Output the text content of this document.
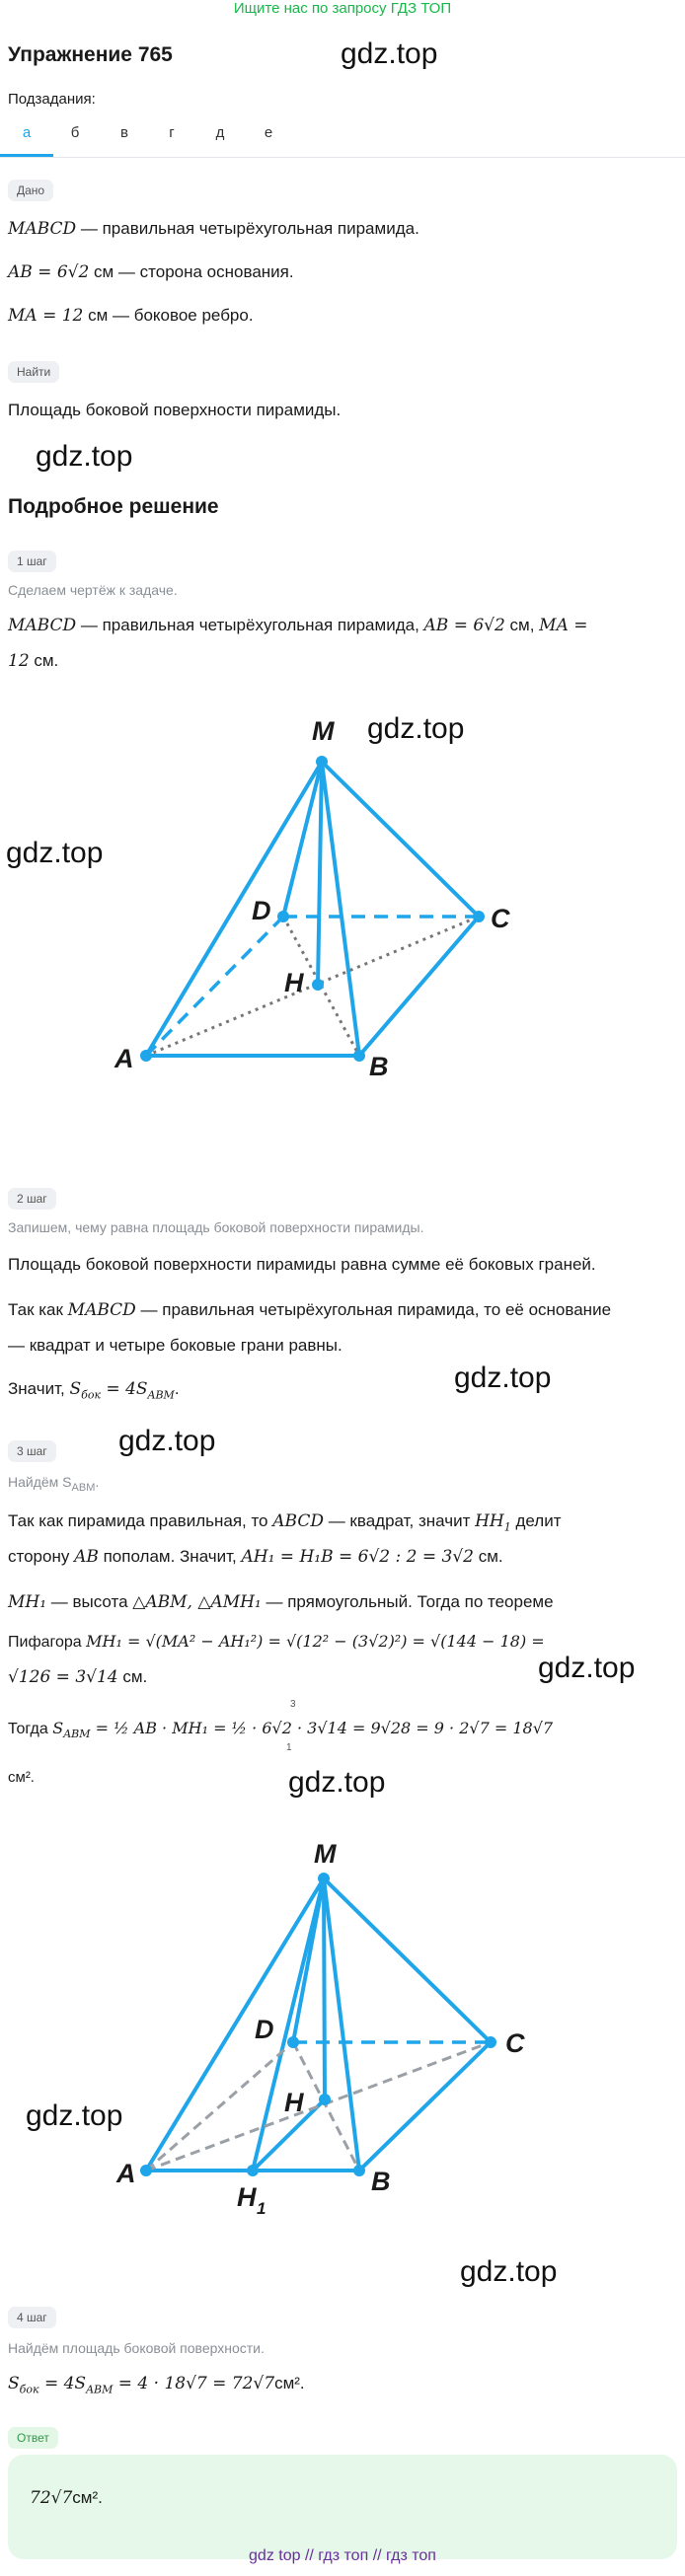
Ищите нас по запросу ГДЗ ТОП
Упражнение 765	gdz.top
Подзадания:
а	б	в	г	д	е
Дано
MABCD — правильная четырёхугольная пирамида.
AB = 6√2 см — сторона основания.
MA = 12 см — боковое ребро.
Найти
Площадь боковой поверхности пирамиды.
gdz.top
Подробное решение
1 шаг
Сделаем чертёж к задаче.
MABCD — правильная четырёхугольная пирамида, AB = 6√2 см, MA =
12 см.
gdz.top
gdz.top
M
D	C
H
A	B
2 шаг
Запишем, чему равна площадь боковой поверхности пирамиды.
Площадь боковой поверхности пирамиды равна сумме её боковых граней.
Так как MABCD — правильная четырёхугольная пирамида, то её основание
— квадрат и четыре боковые грани равны.
Значит, $S_{бок} = 4S_{ABM}$.	gdz.top
3 шаг	gdz.top
Найдём $S_{ABM}$.
Так как пирамида правильная, то ABCD — квадрат, значит $HH_1$ делит
сторону AB пополам. Значит, AH₁ = H₁B = 6√2 : 2 = 3√2 см.
MH₁ — высота △ABM, △AMH₁ — прямоугольный. Тогда по теореме
Пифагора MH₁ = √(MA² − AH₁²) = √(12² − (3√2)²) = √(144 − 18) =
√126 = 3√14 см.	gdz.top
Тогда $S_{ABM}$ = ½ AB · MH₁ = ½ · 6√2 · 3√14 = 9√28 = 9 · 2√7 = 18√7
3
1
см².	gdz.top
M
D	C
H
A
H 1
B
gdz.top
gdz.top
4 шаг
Найдём площадь боковой поверхности.
$S_{бок} = 4S_{ABM} = 4 \cdot 18√7 = 72√7см^2$.
Ответ
72√7см².
gdz top // гдз топ // гдз топ
